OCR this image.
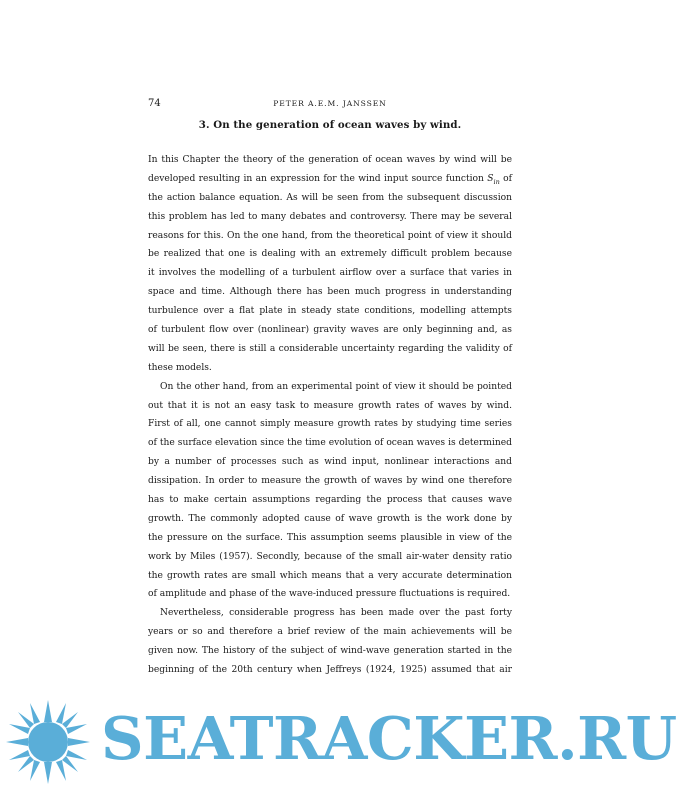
74	PETER A.E.M. JANSSEN
3. On the generation of ocean waves by wind.
In this Chapter the theory of the generation of ocean waves by wind will be
developed resulting in an expression for the wind input source function $S_{in}$ of
the action balance equation. As will be seen from the subsequent discussion
this problem has led to many debates and controversy. There may be several
reasons for this. On the one hand, from the theoretical point of view it should
be realized that one is dealing with an extremely difficult problem because
it involves the modelling of a turbulent airflow over a surface that varies in
space and time. Although there has been much progress in understanding
turbulence over a flat plate in steady state conditions, modelling attempts
of turbulent flow over (nonlinear) gravity waves are only beginning and, as
will be seen, there is still a considerable uncertainty regarding the validity of
these models.
On the other hand, from an experimental point of view it should be pointed
out that it is not an easy task to measure growth rates of waves by wind.
First of all, one cannot simply measure growth rates by studying time series
of the surface elevation since the time evolution of ocean waves is determined
by a number of processes such as wind input, nonlinear interactions and
dissipation. In order to measure the growth of waves by wind one therefore
has to make certain assumptions regarding the process that causes wave
growth. The commonly adopted cause of wave growth is the work done by
the pressure on the surface. This assumption seems plausible in view of the
work by Miles (1957). Secondly, because of the small air-water density ratio
the growth rates are small which means that a very accurate determination
of amplitude and phase of the wave-induced pressure fluctuations is required.
Nevertheless, considerable progress has been made over the past forty
years or so and therefore a brief review of the main achievements will be
given now. The history of the subject of wind-wave generation started in the
beginning of the 20th century when Jeffreys (1924, 1925) assumed that air
SEATRACKER.RU
